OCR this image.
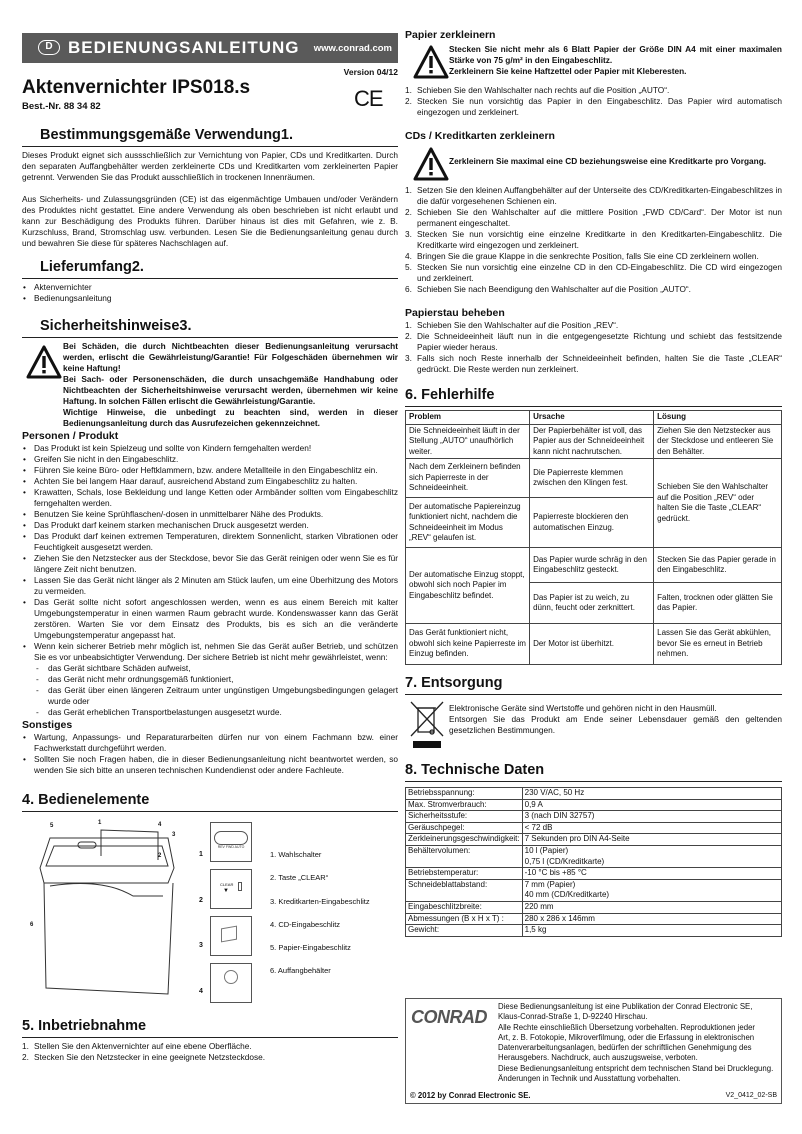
D BEDIENUNGSANLEITUNG www.conrad.com
Version 04/12
Aktenvernichter IPS018.s
Best.-Nr. 88 34 82	CE
Bestimmungsgemäße Verwendung1.

Dieses Produkt eignet sich aussschließlich zur Vernichtung von Papier, CDs und Kreditkarten. Durch den separaten Auffangbehälter werden zerkleinerte CDs und Kreditkarten vom zerkleinerten Papier getrennt. Verwenden Sie das Produkt ausschließlich in trockenen Innenräumen.

Aus Sicherheits- und Zulassungsgründen (CE) ist das eigenmächtige Umbauen und/oder Verändern des Produktes nicht gestattet. Eine andere Verwendung als oben beschrieben ist nicht erlaubt und kann zur Beschädigung des Produkts führen. Darüber hinaus ist dies mit Gefahren, wie z. B. Kurzschluss, Brand, Stromschlag usw. verbunden. Lesen Sie die Bedienungsanleitung genau durch und bewahren Sie diese für späteres Nachschlagen auf.

Lieferumfang2.
• Aktenvernichter
• Bedienungsanleitung
Sicherheitshinweise3.

Bei Schäden, die durch Nichtbeachten dieser Bedienungsanleitung verursacht werden, erlischt die Gewährleistung/Garantie! Für Folgeschäden übernehmen wir keine Haftung!

Bei Sach- oder Personenschäden, die durch unsachgemäße Handhabung oder Nichtbeachten der Sicherheitshinweise verursacht werden, übernehmen wir keine Haftung. In solchen Fällen erlischt die Gewährleistung/Garantie.

Wichtige Hinweise, die unbedingt zu beachten sind, werden in dieser Bedienungsanleitung durch das Ausrufezeichen gekennzeichnet.

Personen / Produkt
• Das Produkt ist kein Spielzeug und sollte von Kindern ferngehalten werden!
• Greifen Sie nicht in den Eingabeschlitz.
• Führen Sie keine Büro- oder Heftklammern, bzw. andere Metallteile in den Eingabeschlitz ein.
• Achten Sie bei langem Haar darauf, ausreichend Abstand zum Eingabeschlitz zu halten.
• Krawatten, Schals, lose Bekleidung und lange Ketten oder Armbänder sollten vom Eingabeschlitz ferngehalten werden.
• Benutzen Sie keine Sprühflaschen/-dosen in unmittelbarer Nähe des Produkts.
• Das Produkt darf keinem starken mechanischen Druck ausgesetzt werden.
• Das Produkt darf keinen extremen Temperaturen, direktem Sonnenlicht, starken Vibrationen oder Feuchtigkeit ausgesetzt werden.
• Ziehen Sie den Netzstecker aus der Steckdose, bevor Sie das Gerät reinigen oder wenn Sie es für längere Zeit nicht benutzen.
• Lassen Sie das Gerät nicht länger als 2 Minuten am Stück laufen, um eine Überhitzung des Motors zu vermeiden.
• Das Gerät sollte nicht sofort angeschlossen werden, wenn es aus einem Bereich mit kalter Umgebungstemperatur in einen warmen Raum gebracht wurde. Kondenswasser kann das Gerät zerstören. Warten Sie vor dem Einsatz des Produkts, bis es sich an die veränderte Umgebungstemperatur angepasst hat.
• Wenn kein sicherer Betrieb mehr möglich ist, nehmen Sie das Gerät außer Betrieb, und schützen Sie es vor unbeabsichtigter Verwendung. Der sichere Betrieb ist nicht mehr gewährleistet, wenn:
- das Gerät sichtbare Schäden aufweist,
- das Gerät nicht mehr ordnungsgemäß funktioniert,
- das Gerät über einen längeren Zeitraum unter ungünstigen Umgebungsbedingungen gelagert wurde oder
- das Gerät erheblichen Transportbelastungen ausgesetzt wurde.
Sonstiges
• Wartung, Anpassungs- und Reparaturarbeiten dürfen nur von einem Fachmann bzw. einer Fachwerkstatt durchgeführt werden.
• Sollten Sie noch Fragen haben, die in dieser Bedienungsanleitung nicht beantwortet werden, so wenden Sie sich bitte an unseren technischen Kundendienst oder andere Fachleute.
4. Bedienelemente
1
2
3
4
5
6
REV FWD AUTO
CLEAR
▼
1
2
3
4
1. Wahlschalter
2. Taste „CLEAR“
3. Kreditkarten-Eingabeschlitz
4. CD-Eingabeschlitz
5. Papier-Eingabeschlitz
6. Auffangbehälter
5. Inbetriebnahme
1. Stellen Sie den Aktenvernichter auf eine ebene Oberfläche.
2. Stecken Sie den Netzstecker in eine geeignete Netzsteckdose.
Papier zerkleinern

Stecken Sie nicht mehr als 6 Blatt Papier der Größe DIN A4 mit einer maximalen Stärke von 75 g/m² in den Eingabeschlitz.

Zerkleinern Sie keine Haftzettel oder Papier mit Kleberesten.

1. Schieben Sie den Wahlschalter nach rechts auf die Position „AUTO“.
2. Stecken Sie nun vorsichtig das Papier in den Eingabeschlitz. Das Papier wird automatisch eingezogen und zerkleinert.
CDs / Kreditkarten zerkleinern

Zerkleinern Sie maximal eine CD beziehungsweise eine Kreditkarte pro Vorgang.

1. Setzen Sie den kleinen Auffangbehälter auf der Unterseite des CD/Kreditkarten-Eingabeschlitzes in die dafür vorgesehenen Schienen ein.
2. Schieben Sie den Wahlschalter auf die mittlere Position „FWD CD/Card“. Der Motor ist nun permanent eingeschaltet.
3. Stecken Sie nun vorsichtig eine einzelne Kreditkarte in den Kreditkarten-Eingabeschlitz. Die Kreditkarte wird eingezogen und zerkleinert.
4. Bringen Sie die graue Klappe in die senkrechte Position, falls Sie eine CD zerkleinern wollen.
5. Stecken Sie nun vorsichtig eine einzelne CD in den CD-Eingabeschlitz. Die CD wird eingezogen und zerkleinert.
6. Schieben Sie nach Beendigung den Wahlschalter auf die Position „AUTO“.
Papierstau beheben
1. Schieben Sie den Wahlschalter auf die Position „REV“.
2. Die Schneideeinheit läuft nun in die entgegengesetzte Richtung und schiebt das festsitzende Papier wieder heraus.
3. Falls sich noch Reste innerhalb der Schneideeinheit befinden, halten Sie die Taste „CLEAR“ gedrückt. Die Reste werden nun zerkleinert.
6. Fehlerhilfe
Problem	Ursache	Lösung
Die Schneideeinheit läuft in der Stellung „AUTO“ unaufhörlich weiter.	Der Papierbehälter ist voll, das Papier aus der Schneideeinheit kann nicht nachrutschen.	Ziehen Sie den Netzstecker aus der Steckdose und entleeren Sie den Behälter.
Nach dem Zerkleinern befinden sich Papierreste in der Schneideeinheit.	Die Papierreste klemmen zwischen den Klingen fest.	Schieben Sie den Wahlschalter auf die Position „REV“ oder halten Sie die Taste „CLEAR“ gedrückt.
Der automatische Papiereinzug funktioniert nicht, nachdem die Schneideeinheit im Modus „REV“ gelaufen ist.	Papierreste blockieren den automatischen Einzug.	
Der automatische Einzug stoppt, obwohl sich noch Papier im Eingabeschlitz befindet.	Das Papier wurde schräg in den Eingabeschlitz gesteckt.	Stecken Sie das Papier gerade in den Eingabeschlitz.
	Das Papier ist zu weich, zu dünn, feucht oder zerknittert.	Falten, trocknen oder glätten Sie das Papier.
Das Gerät funktioniert nicht, obwohl sich keine Papierreste im Einzug befinden.	Der Motor ist überhitzt.	Lassen Sie das Gerät abkühlen, bevor Sie es erneut in Betrieb nehmen.
7. Entsorgung

Elektronische Geräte sind Wertstoffe und gehören nicht in den Hausmüll.

Entsorgen Sie das Produkt am Ende seiner Lebensdauer gemäß den geltenden gesetzlichen Bestimmungen.

8. Technische Daten
Betriebsspannung:	230 V/AC, 50 Hz

Max. Stromverbrauch:	0,9 A

Sicherheitsstufe:	3 (nach DIN 32757)

Geräuschpegel:	< 72 dB

Zerkleinerungsgeschwindigkeit:	7 Sekunden pro DIN A4-Seite

Behältervolumen:	10 l (Papier)
0,75 l (CD/Kreditkarte)

Betriebstemperatur:	-10 °C bis +85 °C

Schneideblattabstand:	7 mm (Papier)
40 mm (CD/Kreditkarte)

Eingabeschlitzbreite:	220 mm

Abmessungen (B x H x T) :	280 x 286 x 146mm

Gewicht:	1,5 kg
CONRAD
Diese Bedienungsanleitung ist eine Publikation der Conrad Electronic SE,
Klaus-Conrad-Straße 1, D-92240 Hirschau.
Alle Rechte einschließlich Übersetzung vorbehalten. Reproduktionen jeder
Art, z. B. Fotokopie, Mikroverfilmung, oder die Erfassung in elektronischen
Datenverarbeitungsanlagen, bedürfen der schriftlichen Genehmigung des
Herausgebers. Nachdruck, auch auszugsweise, verboten.
Diese Bedienungsanleitung entspricht dem technischen Stand bei Drucklegung.
Änderungen in Technik und Ausstattung vorbehalten.
© 2012 by Conrad Electronic SE.	V2_0412_02-SB
